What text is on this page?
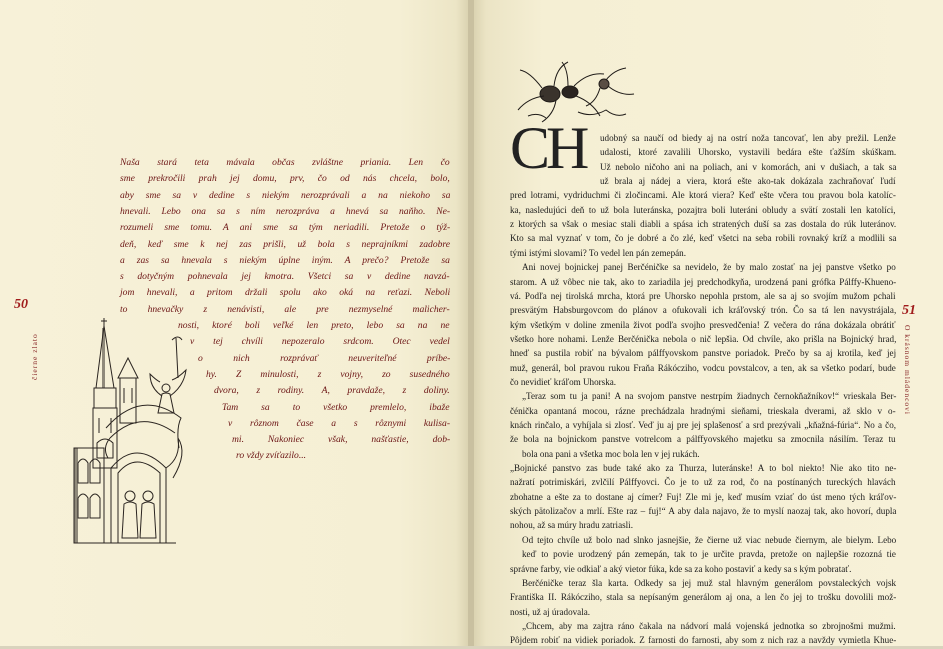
50
čierne zlato
Naša stará teta mávala občas zvláštne priania. Len čo
sme prekročili prah jej domu, prv, čo od nás chcela, bolo,
aby sme sa v dedine s niekým nerozprávali a na niekoho sa
hnevali. Lebo ona sa s ním nerozpráva a hnevá sa naňho. Ne-
rozumeli sme tomu. A ani sme sa tým neriadili. Pretože o týž-
deň, keď sme k nej zas prišli, už bola s neprajníkmi zadobre
a zas sa hnevala s niekým úplne iným. A prečo? Pretože sa
s dotyčným pohnevala jej kmotra. Všetci sa v dedine navzá-
jom hnevali, a pritom držali spolu ako oká na reťazi. Neboli
to hnevačky z nenávisti, ale pre nezmyselné malicher-
nosti, ktoré boli veľké len preto, lebo sa na ne
v tej chvíli nepozeralo srdcom. Otec vedel
o nich rozprávať neuveriteľné príbe-
hy. Z minulosti, z vojny, zo susedného
dvora, z rodiny. A, pravdaže, z doliny.
Tam sa to všetko premlelo, ibaže
v rôznom čase a s rôznymi kulisa-
mi. Nakoniec však, našťastie, dob-
ro vždy zvíťazilo...
51
O krásnom mládencovi
CH udobný sa naučí od biedy aj na ostrí noža tancovať, len aby prežil. Lenže
udalosti, ktoré zavalili Uhorsko, vystavili bedára ešte ťažším skúškam.
Už nebolo ničoho ani na poliach, ani v komorách, ani v dušiach, a tak sa
už brala aj nádej a viera, ktorá ešte ako-tak dokázala zachraňovať ľudí
pred lotrami, vydriduchmi či zločincami. Ale ktorá viera? Keď ešte včera tou pravou bola katolíc-
ka, nasledujúci deň to už bola luteránska, pozajtra boli luteráni obludy a svätí zostali len katolíci,
z ktorých sa však o mesiac stali diabli a spása ich stratených duší sa zas dostala do rúk luteránov.
Kto sa mal vyznať v tom, čo je dobré a čo zlé, keď všetci na seba robili rovnaký kríž a modlili sa
tými istými slovami? To vedel len pán zemepán.
Ani novej bojnickej panej Berčéničke sa nevidelo, že by malo zostať na jej panstve všetko po
starom. A už vôbec nie tak, ako to zariadila jej predchodkyňa, urodzená pani grófka Pálffy-Khueno-
vá. Podľa nej tirolská mrcha, ktorá pre Uhorsko nepohla prstom, ale sa aj so svojím mužom pchali
presvätým Habsburgovcom do plánov a ofukovali ich kráľovský trón. Čo sa tá len navystrájala,
kým všetkým v doline zmenila život podľa svojho presvedčenia! Z večera do rána dokázala obrátiť
všetko hore nohami. Lenže Berčénička nebola o nič lepšia. Od chvíle, ako prišla na Bojnický hrad,
hneď sa pustila robiť na bývalom pálffyovskom panstve poriadok. Prečo by sa aj krotila, keď jej
muž, generál, bol pravou rukou Fraňa Rákócziho, vodcu povstalcov, a ten, ak sa všetko podarí, bude
čo nevidieť kráľom Uhorska.
„Teraz som tu ja pani! A na svojom panstve nestrpím žiadnych černokňažníkov!“ vrieskala Ber-
čénička opantaná mocou, rázne prechádzala hradnými sieňami, trieskala dverami, až sklo v o-
knách rinčalo, a vyhíjala si zlosť. Veď ju aj pre jej splašenosť a srd prezývali „kňažná-fúria“. No a čo,
že bola na bojnickom panstve votrelcom a pálffyovského majetku sa zmocnila násilím. Teraz tu
bola ona pani a všetka moc bola len v jej rukách.
„Bojnické panstvo zas bude také ako za Thurza, luteránske! A to bol niekto! Nie ako tito ne-
nažratí potrimiskári, zvlčilí Pálffyovci. Čo je to už za rod, čo na postínaných tureckých hlavách
zbohatne a ešte za to dostane aj címer? Fuj! Zle mi je, keď musím vziať do úst meno tých kráľov-
ských pätolizačov a mrlí. Ešte raz – fuj!“ A aby dala najavo, že to myslí naozaj tak, ako hovorí, dupla
nohou, až sa múry hradu zatriasli.
Od tejto chvíle už bolo nad slnko jasnejšie, že čierne už viac nebude čiernym, ale bielym. Lebo
keď to povie urodzený pán zemepán, tak to je určite pravda, pretože on najlepšie rozozná tie
správne farby, vie odkiaľ a aký vietor fúka, kde sa za koho postaviť a kedy sa s kým pobratať.
Berčéničke teraz šla karta. Odkedy sa jej muž stal hlavným generálom povstaleckých vojsk
Františka II. Rákócziho, stala sa nepísaným generálom aj ona, a len čo jej to trošku dovolili mož-
nosti, už aj úradovala.
„Chcem, aby ma zajtra ráno čakala na nádvorí malá vojenská jednotka so zbrojnošmi mužmi.
Pôjdem robiť na vidiek poriadok. Z farnosti do farnosti, aby som z nich raz a navždy vymietla Khue-
